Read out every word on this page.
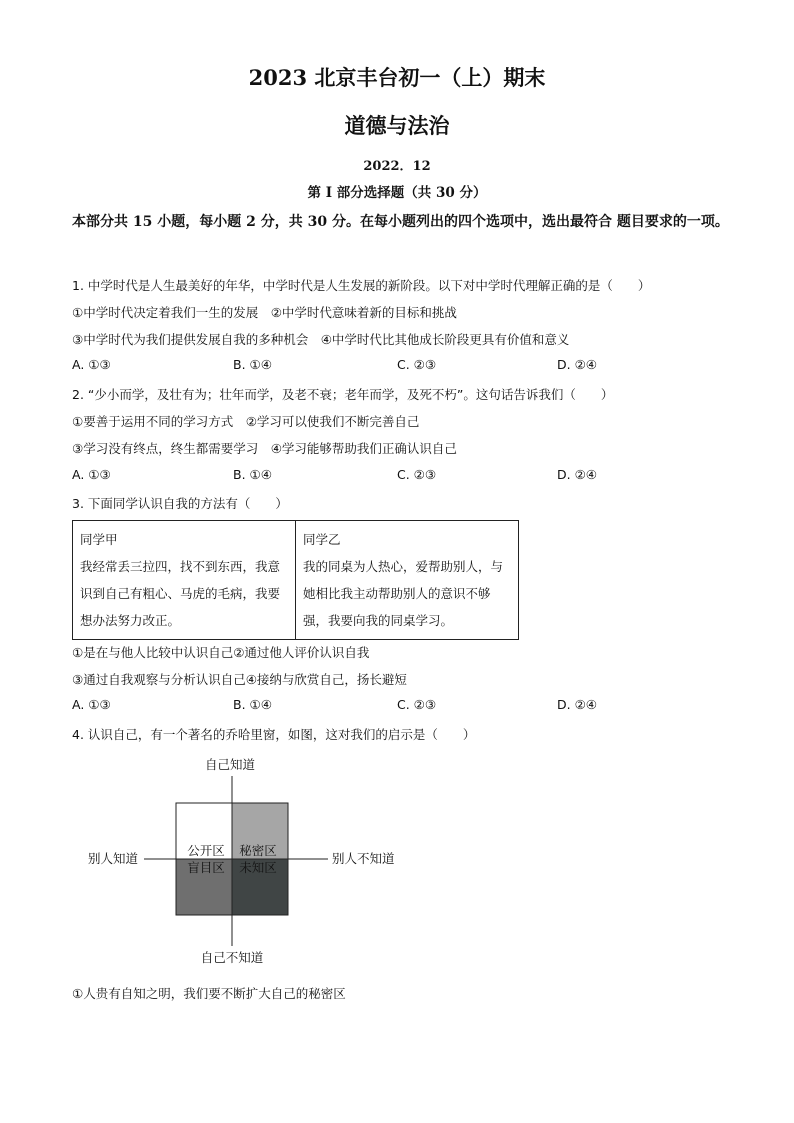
2023 北京丰台初一（上）期末
道德与法治
2022．12
第 I 部分选择题（共 30 分）
本部分共 15 小题，每小题 2 分，共 30 分。在每小题列出的四个选项中，选出最符合 题目要求的一项。
1. 中学时代是人生最美好的年华，中学时代是人生发展的新阶段。以下对中学时代理解正确的是（　　）
①中学时代决定着我们一生的发展　②中学时代意味着新的目标和挑战
③中学时代为我们提供发展自我的多种机会　④中学时代比其他成长阶段更具有价值和意义
A. ①③	B. ①④	C. ②③	D. ②④
2. “少小而学，及壮有为；壮年而学，及老不衰；老年而学，及死不朽”。这句话告诉我们（　　）
①要善于运用不同的学习方式　②学习可以使我们不断完善自己
③学习没有终点，终生都需要学习　④学习能够帮助我们正确认识自己
A. ①③	B. ①④	C. ②③	D. ②④
3. 下面同学认识自我的方法有（　　）
同学甲
我经常丢三拉四，找不到东西，我意识到自己有粗心、马虎的毛病，我要想办法努力改正。

同学乙
我的同桌为人热心，爱帮助别人，与她相比我主动帮助别人的意识不够强，我要向我的同桌学习。
①是在与他人比较中认识自己②通过他人评价认识自我
③通过自我观察与分析认识自己④接纳与欣赏自己，扬长避短
A. ①③	B. ①④	C. ②③	D. ②④
4. 认识自己，有一个著名的乔哈里窗，如图，这对我们的启示是（　　）
自己知道
自己不知道
别人知道	别人不知道
公开区 秘密区
盲目区 未知区
①人贵有自知之明，我们要不断扩大自己的秘密区
